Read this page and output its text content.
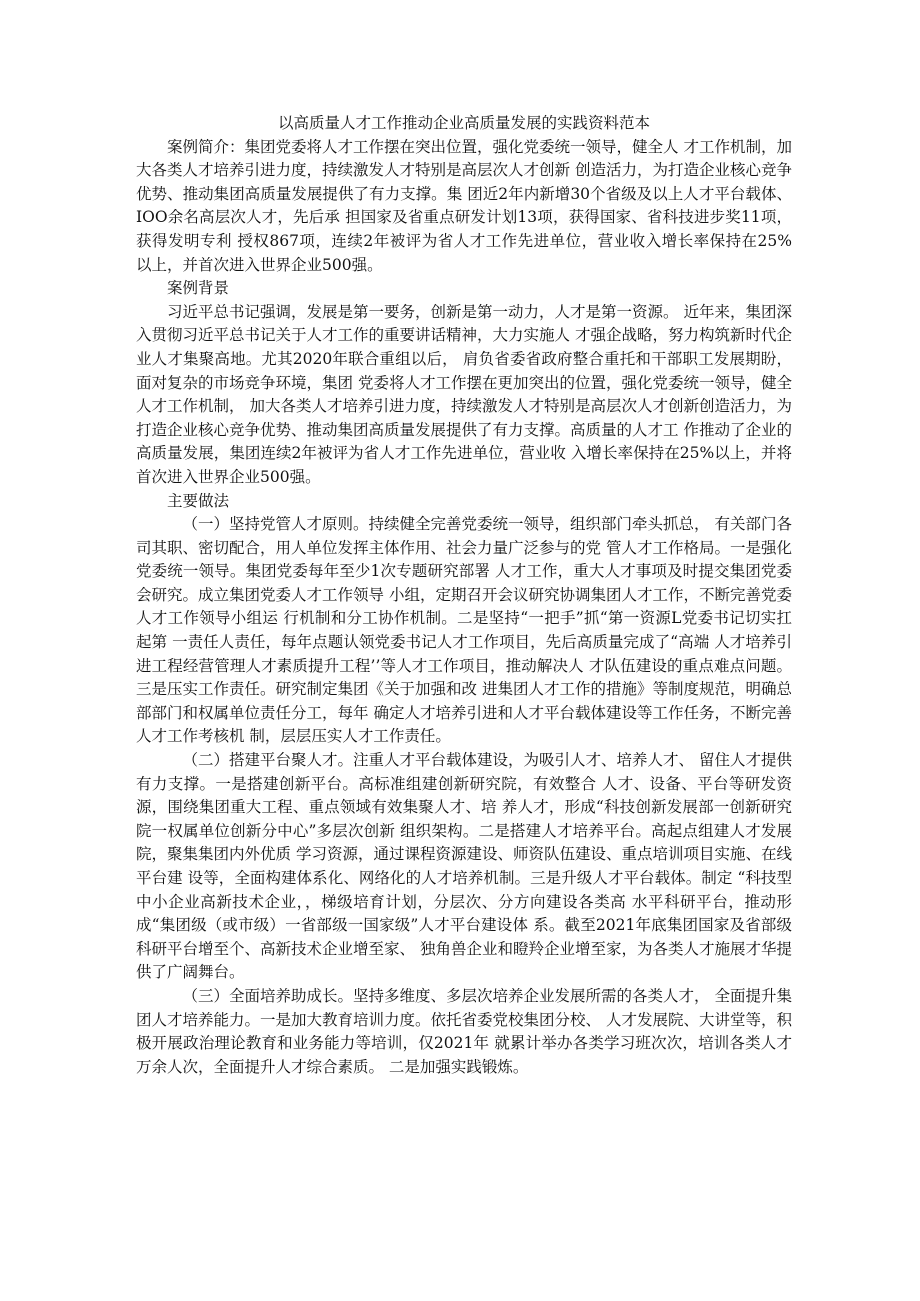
以高质量人才工作推动企业高质量发展的实践资料范本

案例简介：集团党委将人才工作摆在突出位置，强化党委统一领导，健全人 才工作机制，加大各类人才培养引进力度，持续激发人才特别是高层次人才创新 创造活力，为打造企业核心竞争优势、推动集团高质量发展提供了有力支撑。集 团近2年内新增30个省级及以上人才平台载体、IOO余名高层次人才，先后承 担国家及省重点研发计划13项，获得国家、省科技进步奖11项，获得发明专利 授权867项，连续2年被评为省人才工作先进单位，营业收入增长率保持在25% 以上，并首次进入世界企业500强。

案例背景

习近平总书记强调，发展是第一要务，创新是第一动力，人才是第一资源。 近年来，集团深入贯彻习近平总书记关于人才工作的重要讲话精神，大力实施人 才强企战略，努力构筑新时代企业人才集聚高地。尤其2020年联合重组以后， 肩负省委省政府整合重托和干部职工发展期盼，面对复杂的市场竞争环境，集团 党委将人才工作摆在更加突出的位置，强化党委统一领导，健全人才工作机制， 加大各类人才培养引进力度，持续激发人才特别是高层次人才创新创造活力，为 打造企业核心竞争优势、推动集团高质量发展提供了有力支撑。高质量的人才工 作推动了企业的高质量发展，集团连续2年被评为省人才工作先进单位，营业收 入增长率保持在25%以上，并将首次进入世界企业500强。

主要做法

（一）坚持党管人才原则。持续健全完善党委统一领导，组织部门牵头抓总， 有关部门各司其职、密切配合，用人单位发挥主体作用、社会力量广泛参与的党 管人才工作格局。一是强化党委统一领导。集团党委每年至少1次专题研究部署 人才工作，重大人才事项及时提交集团党委会研究。成立集团党委人才工作领导 小组，定期召开会议研究协调集团人才工作，不断完善党委人才工作领导小组运 行机制和分工协作机制。二是坚持“一把手”抓“第一资源L党委书记切实扛起第 一责任人责任，每年点题认领党委书记人才工作项目，先后高质量完成了“高端 人才培养引进工程经营管理人才素质提升工程’’等人才工作项目，推动解决人 才队伍建设的重点难点问题。三是压实工作责任。研究制定集团《关于加强和改 进集团人才工作的措施》等制度规范，明确总部部门和权属单位责任分工，每年 确定人才培养引进和人才平台载体建设等工作任务，不断完善人才工作考核机 制，层层压实人才工作责任。

（二）搭建平台聚人才。注重人才平台载体建设，为吸引人才、培养人才、 留住人才提供有力支撑。一是搭建创新平台。高标准组建创新研究院，有效整合 人才、设备、平台等研发资源，围绕集团重大工程、重点领域有效集聚人才、培 养人才，形成“科技创新发展部一创新研究院一权属单位创新分中心”多层次创新 组织架构。二是搭建人才培养平台。高起点组建人才发展院，聚集集团内外优质 学习资源，通过课程资源建设、师资队伍建设、重点培训项目实施、在线平台建 设等，全面构建体系化、网络化的人才培养机制。三是升级人才平台载体。制定 “科技型中小企业高新技术企业，，梯级培育计划，分层次、分方向建设各类高 水平科研平台，推动形成“集团级（或市级）一省部级一国家级”人才平台建设体 系。截至2021年底集团国家及省部级科研平台增至个、高新技术企业增至家、 独角兽企业和瞪羚企业增至家，为各类人才施展才华提供了广阔舞台。

（三）全面培养助成长。坚持多维度、多层次培养企业发展所需的各类人才， 全面提升集团人才培养能力。一是加大教育培训力度。依托省委党校集团分校、 人才发展院、大讲堂等，积极开展政治理论教育和业务能力等培训，仅2021年 就累计举办各类学习班次次，培训各类人才万余人次，全面提升人才综合素质。 二是加强实践锻炼。
